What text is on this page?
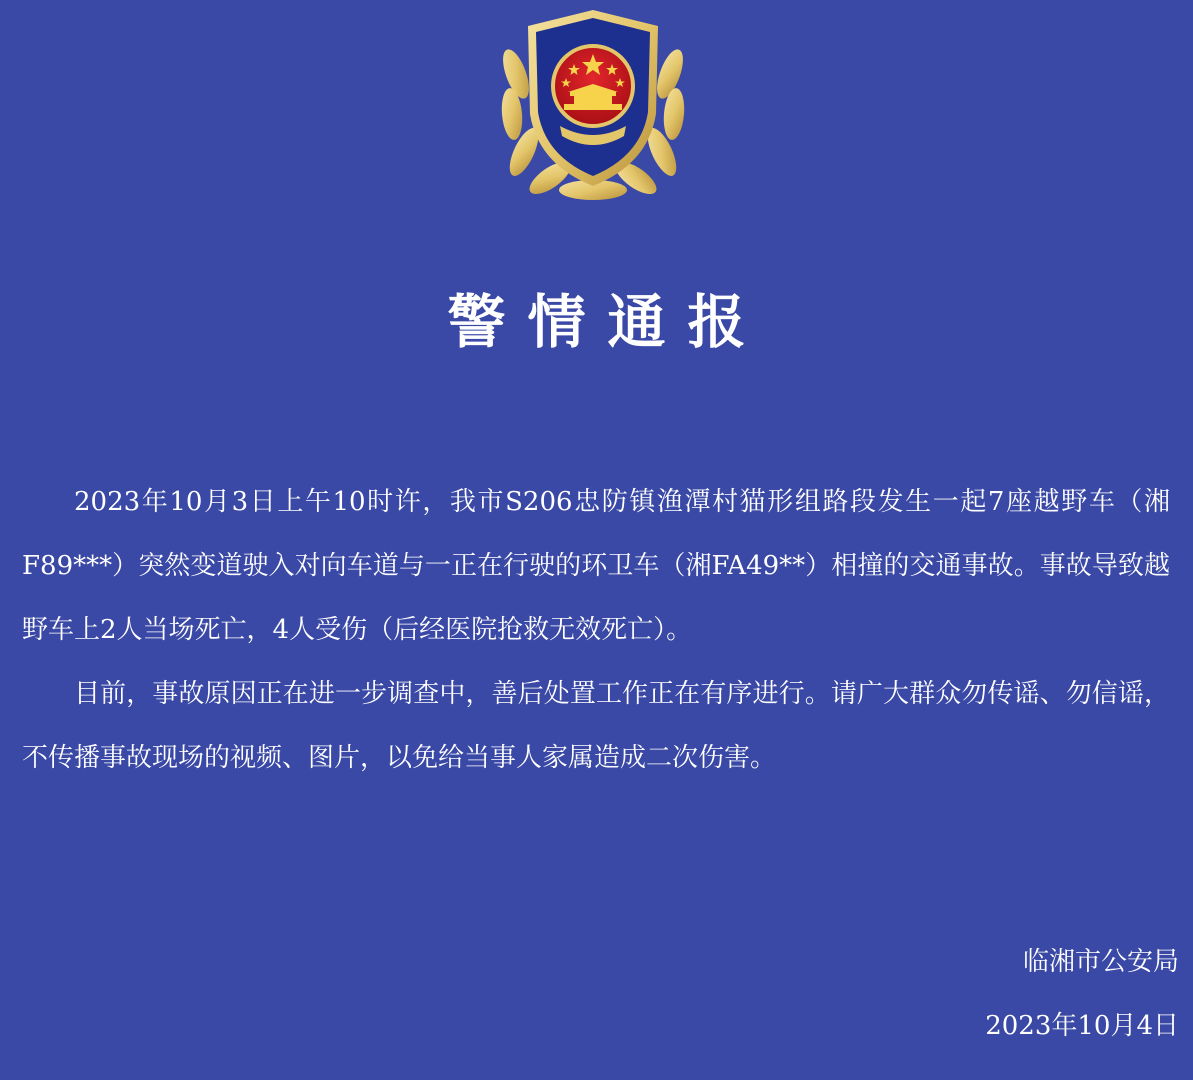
警情通报

2023年10月3日上午10时许，我市S206忠防镇渔潭村猫形组路段发生一起7座越野车（湘F89***）突然变道驶入对向车道与一正在行驶的环卫车（湘FA49**）相撞的交通事故。事故导致越野车上2人当场死亡，4人受伤（后经医院抢救无效死亡）。

目前，事故原因正在进一步调查中，善后处置工作正在有序进行。请广大群众勿传谣、勿信谣，不传播事故现场的视频、图片，以免给当事人家属造成二次伤害。

临湘市公安局
2023年10月4日
